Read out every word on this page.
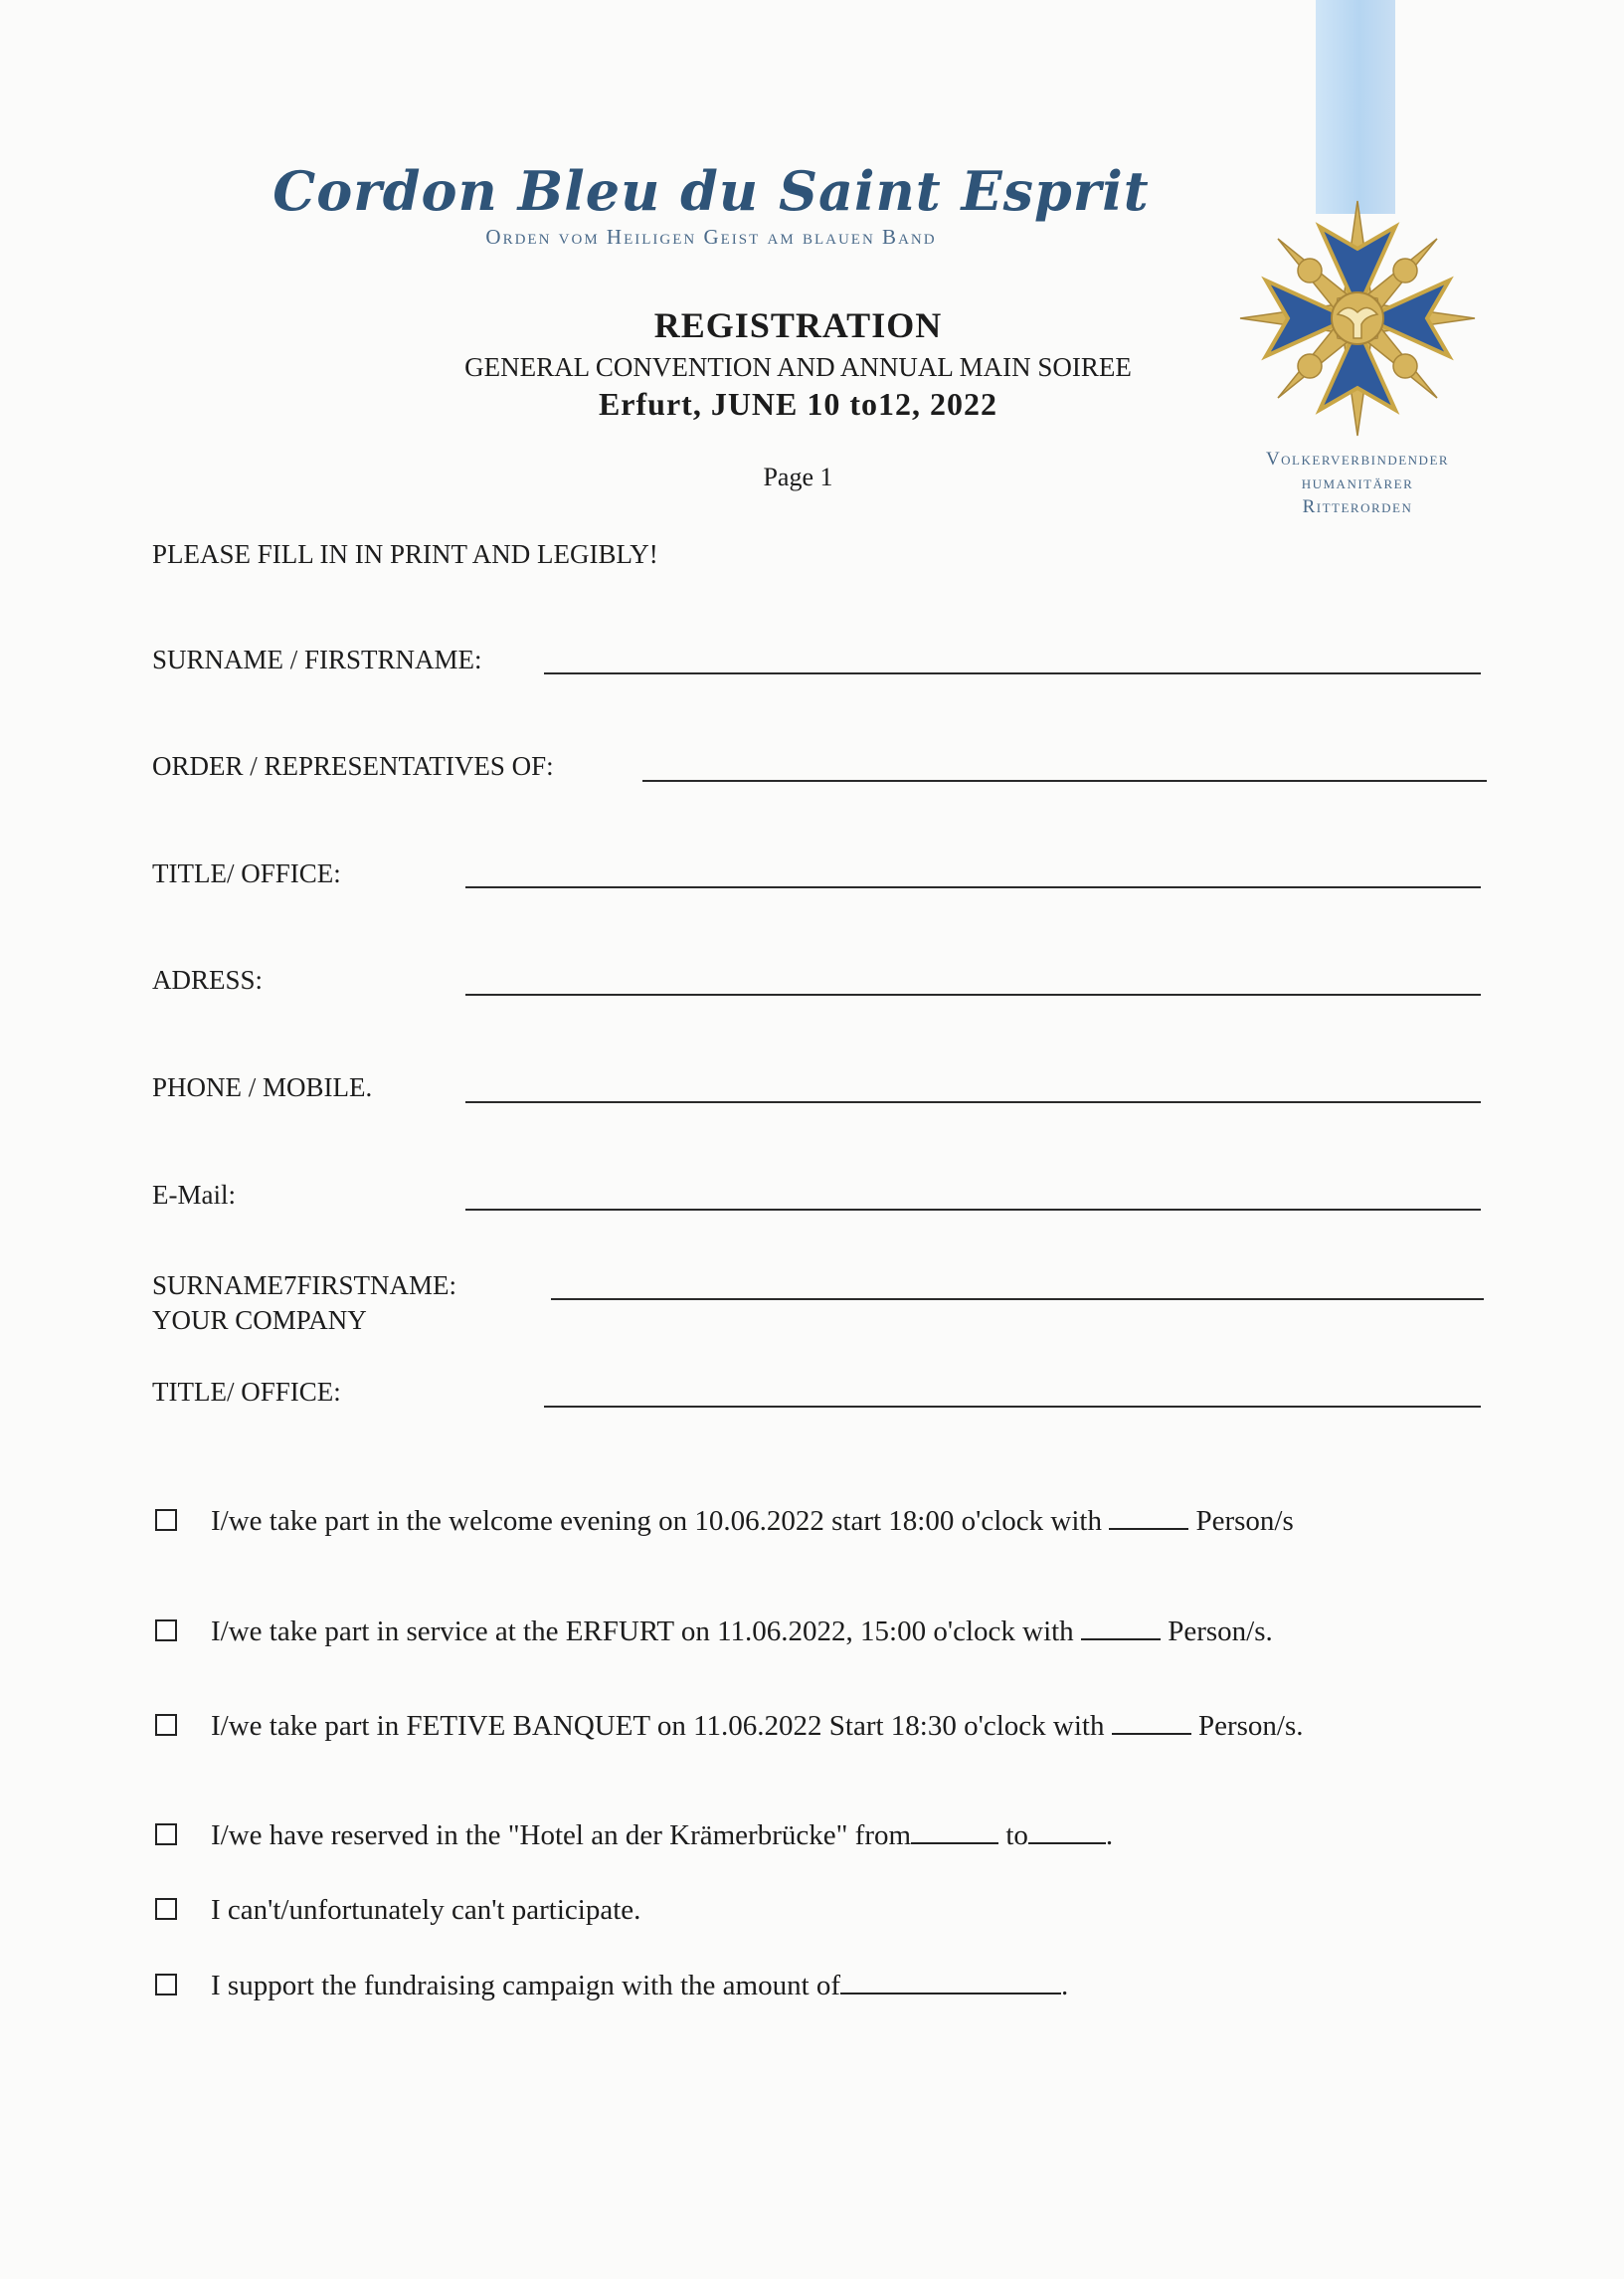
Cordon Bleu du Saint Esprit
Orden vom Heiligen Geist am blauen Band
REGISTRATION
GENERAL CONVENTION AND ANNUAL MAIN SOIREE
Erfurt, JUNE 10 to12, 2022
Page 1
Volkerverbindender
humanitärer
Ritterorden
PLEASE FILL IN IN PRINT AND LEGIBLY!
SURNAME / FIRSTRNAME:
ORDER / REPRESENTATIVES OF:
TITLE/ OFFICE:
ADRESS:
PHONE / MOBILE.
E-Mail:
SURNAME7FIRSTNAME:
YOUR COMPANY
TITLE/ OFFICE:
I/we take part in the welcome evening on 10.06.2022 start 18:00 o'clock with	Person/s
I/we take part in service at the ERFURT on 11.06.2022, 15:00 o'clock with	Person/s.
I/we take part in FETIVE BANQUET on 11.06.2022 Start 18:30 o'clock with	Person/s.
I/we have reserved in the "Hotel an der Krämerbrücke" from	to	.
I can't/unfortunately can't participate.
I support the fundraising campaign with the amount of	.
